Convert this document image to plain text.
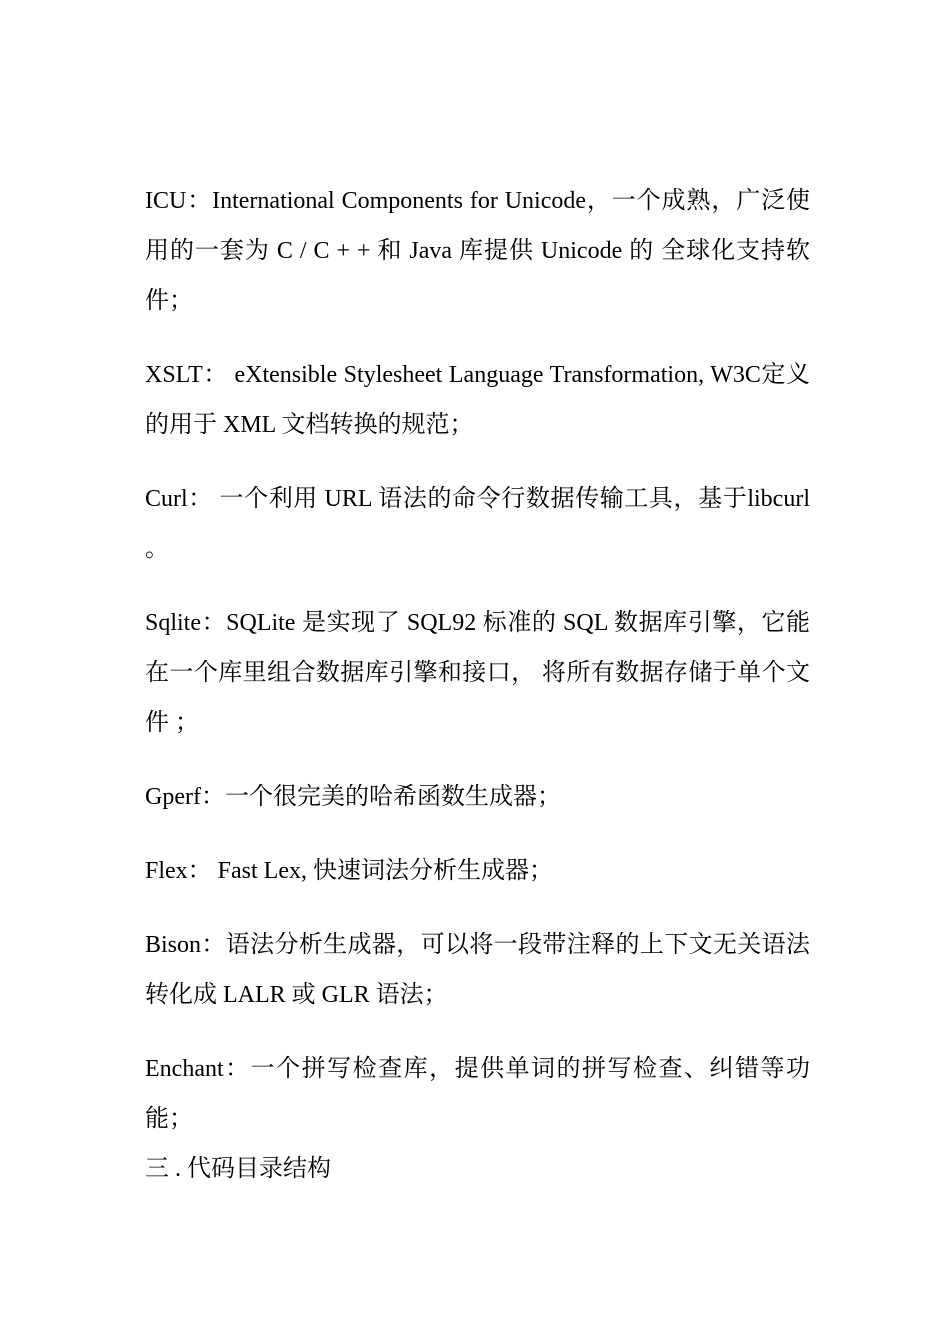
ICU：International Components for Unicode，一个成熟，广泛使用的一套为 C / C + + 和 Java 库提供 Unicode 的 全球化支持软件；

XSLT： eXtensible Stylesheet Language Transformation, W3C定义的用于 XML 文档转换的规范；

Curl： 一个利用 URL 语法的命令行数据传输工具，基于libcurl 。

Sqlite：SQLite 是实现了 SQL92 标准的 SQL 数据库引擎，它能在一个库里组合数据库引擎和接口， 将所有数据存储于单个文件 ；

Gperf：一个很完美的哈希函数生成器；

Flex： Fast Lex, 快速词法分析生成器；

Bison：语法分析生成器，可以将一段带注释的上下文无关语法转化成 LALR 或 GLR 语法；

Enchant：一个拼写检查库，提供单词的拼写检查、纠错等功能；

三 . 代码目录结构
